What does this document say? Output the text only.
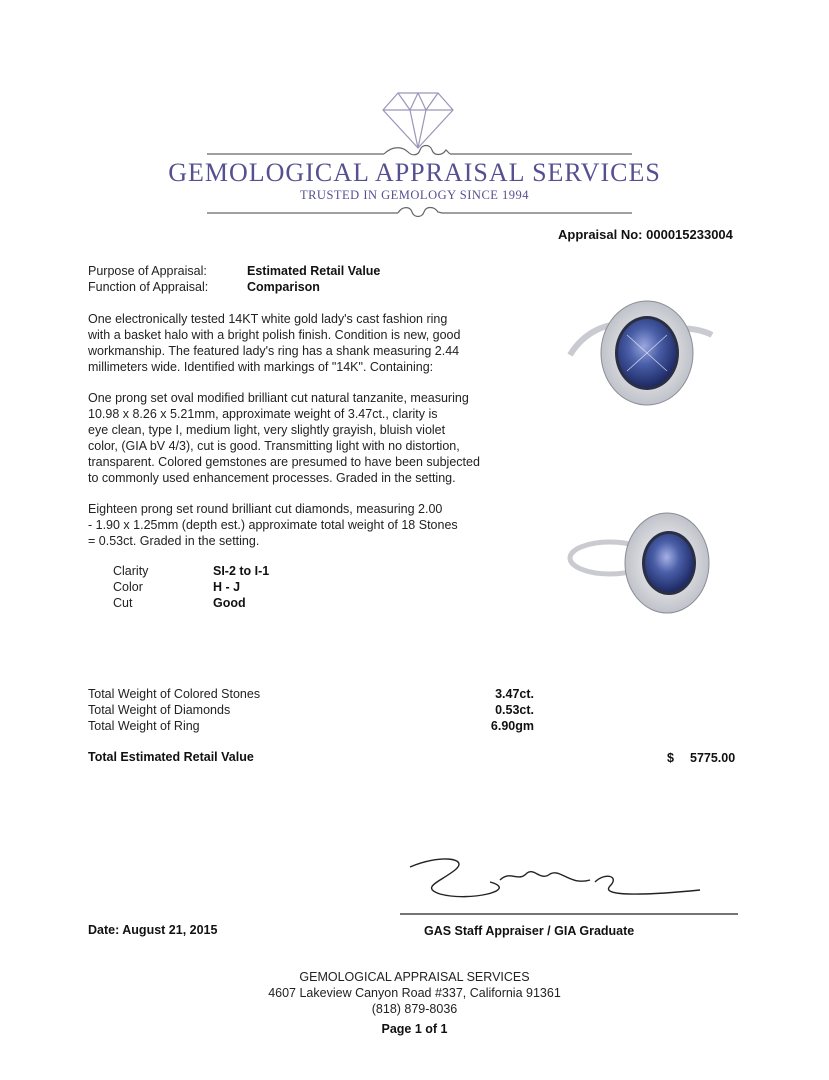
GEMOLOGICAL APPRAISAL SERVICES
TRUSTED IN GEMOLOGY SINCE 1994
Appraisal No: 000015233004
Purpose of Appraisal:	Estimated Retail Value
Function of Appraisal:	Comparison
One electronically tested 14KT white gold lady's cast fashion ring
with a basket halo with a bright polish finish. Condition is new, good
workmanship. The featured lady's ring has a shank measuring 2.44
millimeters wide. Identified with markings of "14K". Containing:
One prong set oval modified brilliant cut natural tanzanite, measuring
10.98 x 8.26 x 5.21mm, approximate weight of 3.47ct., clarity is
eye clean, type I, medium light, very slightly grayish, bluish violet
color, (GIA bV 4/3), cut is good. Transmitting light with no distortion,
transparent. Colored gemstones are presumed to have been subjected
to commonly used enhancement processes. Graded in the setting.
Eighteen prong set round brilliant cut diamonds, measuring 2.00
- 1.90 x 1.25mm (depth est.) approximate total weight of 18 Stones
= 0.53ct. Graded in the setting.
Clarity	SI-2 to I-1
Color	H - J
Cut	Good
Total Weight of Colored Stones	3.47ct.
Total Weight of Diamonds	0.53ct.
Total Weight of Ring	6.90gm
Total Estimated Retail Value	$ 5775.00
Date: August 21, 2015	GAS Staff Appraiser / GIA Graduate
GEMOLOGICAL APPRAISAL SERVICES
4607 Lakeview Canyon Road #337, California 91361
(818) 879-8036
Page 1 of 1
